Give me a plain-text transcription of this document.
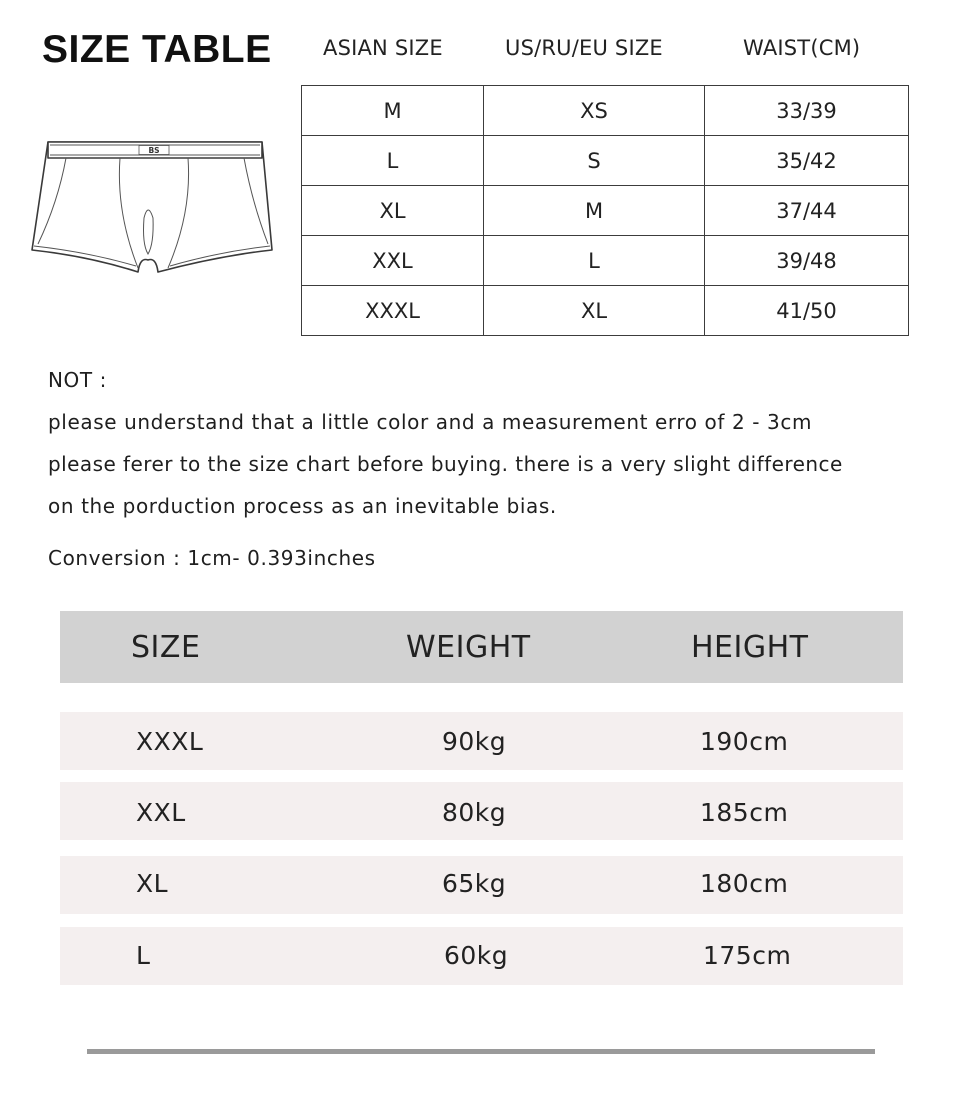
SIZE TABLE ASIAN SIZE	US/RU/EU SIZE	WAIST(CM)
BS
M	XS	33/39
L	S	35/42
XL	M	37/44
XXL	L	39/48
XXXL	XL	41/50
NOT :
please understand that a little color and a measurement erro of 2 - 3cm
please ferer to the size chart before buying. there is a very slight difference
on the porduction process as an inevitable bias.
Conversion : 1cm- 0.393inches
SIZE	WEIGHT	HEIGHT
XXXL	90kg	190cm
XXL	80kg	185cm
XL	65kg	180cm
L	60kg	175cm
